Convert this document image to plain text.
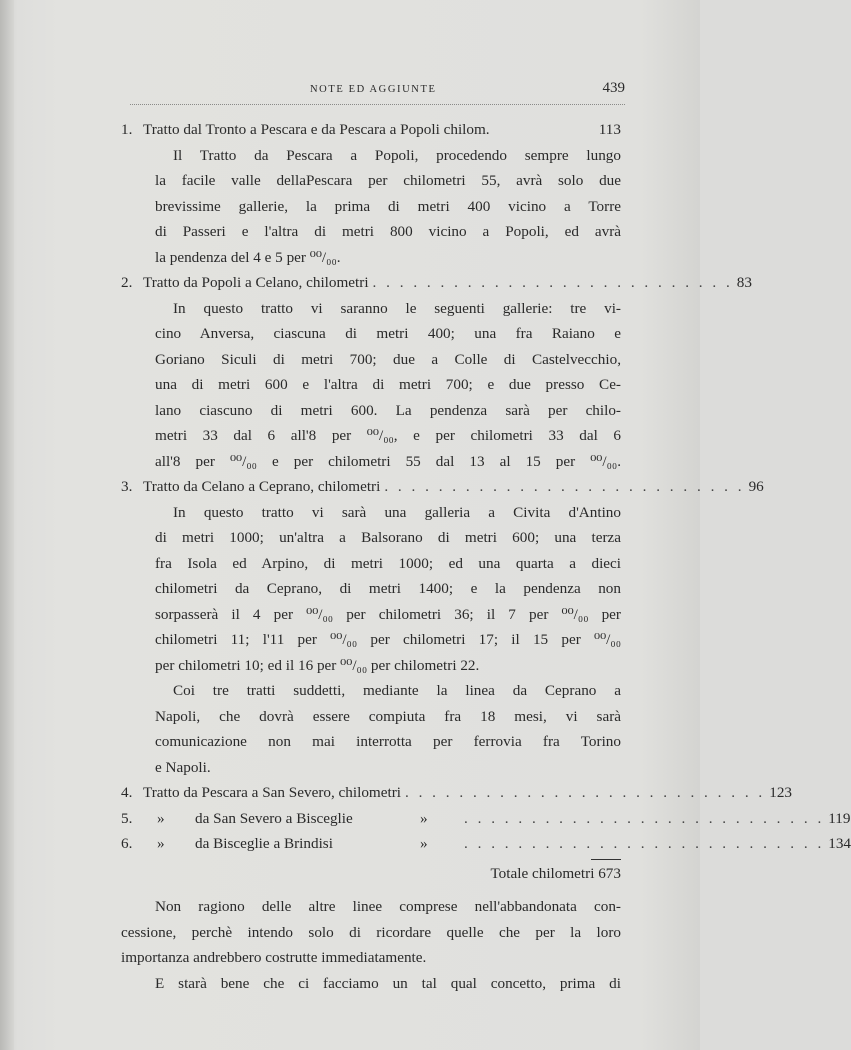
NOTE ED AGGIUNTE	439
1. Tratto dal Tronto a Pescara e da Pescara a Popoli chilom.	113
Il Tratto da Pescara a Popoli, procedendo sempre lungo
la facile valle dellaPescara per chilometri 55, avrà solo due
brevissime gallerie, la prima di metri 400 vicino a Torre
di Passeri e l'altra di metri 800 vicino a Popoli, ed avrà
la pendenza del 4 e 5 per ⁰⁰/₀₀.
2. Tratto da Popoli a Celano, chilometri . . . . . . . . . . . . . . . . . . . . . . . . . . . 83
In questo tratto vi saranno le seguenti gallerie: tre vi-
cino Anversa, ciascuna di metri 400; una fra Raiano e
Goriano Siculi di metri 700; due a Colle di Castelvecchio,
una di metri 600 e l'altra di metri 700; e due presso Ce-
lano ciascuno di metri 600. La pendenza sarà per chilo-
metri 33 dal 6 all'8 per ⁰⁰/₀₀, e per chilometri 33 dal 6
all'8 per ⁰⁰/₀₀ e per chilometri 55 dal 13 al 15 per ⁰⁰/₀₀.
3. Tratto da Celano a Ceprano, chilometri . . . . . . . . . . . . . . . . . . . . . . . . . . . 96
In questo tratto vi sarà una galleria a Civita d'Antino
di metri 1000; un'altra a Balsorano di metri 600; una terza
fra Isola ed Arpino, di metri 1000; ed una quarta a dieci
chilometri da Ceprano, di metri 1400; e la pendenza non
sorpasserà il 4 per ⁰⁰/₀₀ per chilometri 36; il 7 per ⁰⁰/₀₀ per
chilometri 11; l'11 per ⁰⁰/₀₀ per chilometri 17; il 15 per ⁰⁰/₀₀
per chilometri 10; ed il 16 per ⁰⁰/₀₀ per chilometri 22.
Coi tre tratti suddetti, mediante la linea da Ceprano a
Napoli, che dovrà essere compiuta fra 18 mesi, vi sarà
comunicazione non mai interrotta per ferrovia fra Torino
e Napoli.
4. Tratto da Pescara a San Severo, chilometri . . . . . . . . . . . . . . . . . . . . . . . . . . . 123
5.	»	da San Severo a Bisceglie	»	. . . . . . . . . . . . . . . . . . . . . . . . . . . 119
6.	»	da Bisceglie a Brindisi	»	. . . . . . . . . . . . . . . . . . . . . . . . . . . 134
Totale chilometri 673
Non ragiono delle altre linee comprese nell'abbandonata con-
cessione, perchè intendo solo di ricordare quelle che per la loro
importanza andrebbero costrutte immediatamente.
E starà bene che ci facciamo un tal qual concetto, prima di
